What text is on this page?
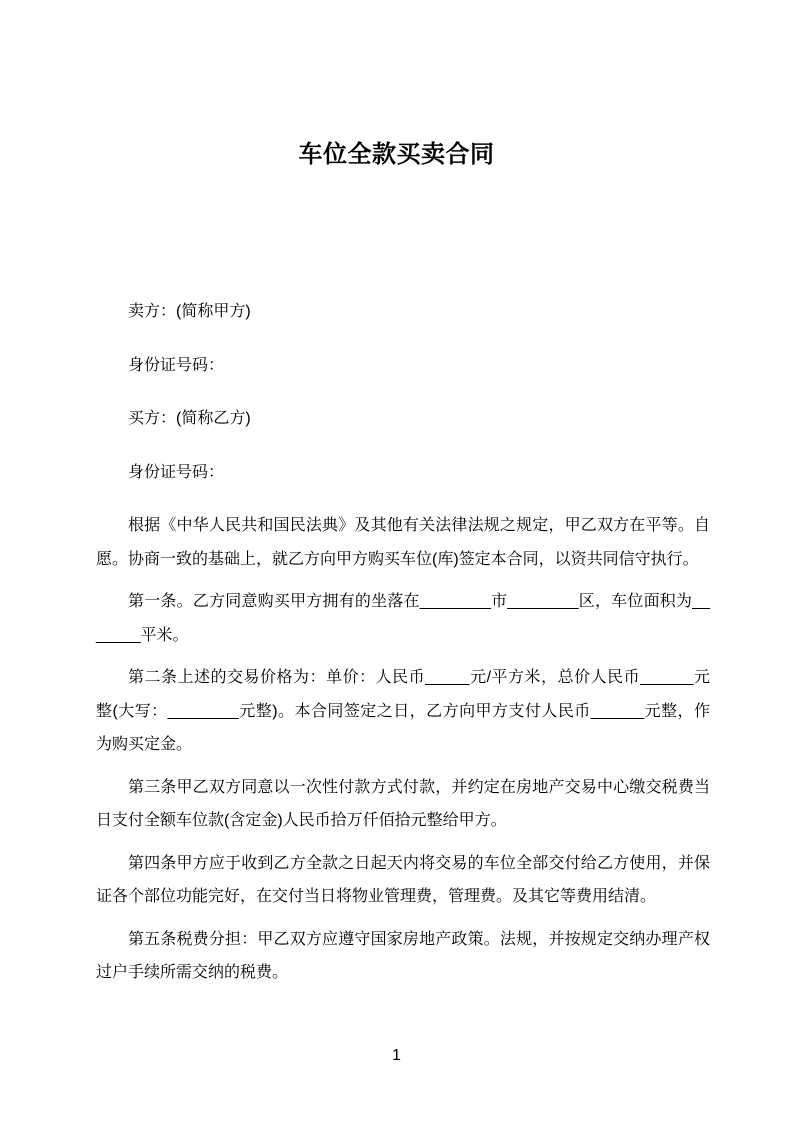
车位全款买卖合同

卖方：(简称甲方)

身份证号码：

买方：(简称乙方)

身份证号码：

根据《中华人民共和国民法典》及其他有关法律法规之规定，甲乙双方在平等。自愿。协商一致的基础上，就乙方向甲方购买车位(库)签定本合同，以资共同信守执行。

第一条。乙方同意购买甲方拥有的坐落在________市________区，车位面积为_______平米。

第二条上述的交易价格为：单价：人民币_____元/平方米，总价人民币______元整(大写：________元整)。本合同签定之日，乙方向甲方支付人民币______元整，作为购买定金。

第三条甲乙双方同意以一次性付款方式付款，并约定在房地产交易中心缴交税费当日支付全额车位款(含定金)人民币拾万仟佰拾元整给甲方。

第四条甲方应于收到乙方全款之日起天内将交易的车位全部交付给乙方使用，并保证各个部位功能完好，在交付当日将物业管理费，管理费。及其它等费用结清。

第五条税费分担：甲乙双方应遵守国家房地产政策。法规，并按规定交纳办理产权过户手续所需交纳的税费。

1
